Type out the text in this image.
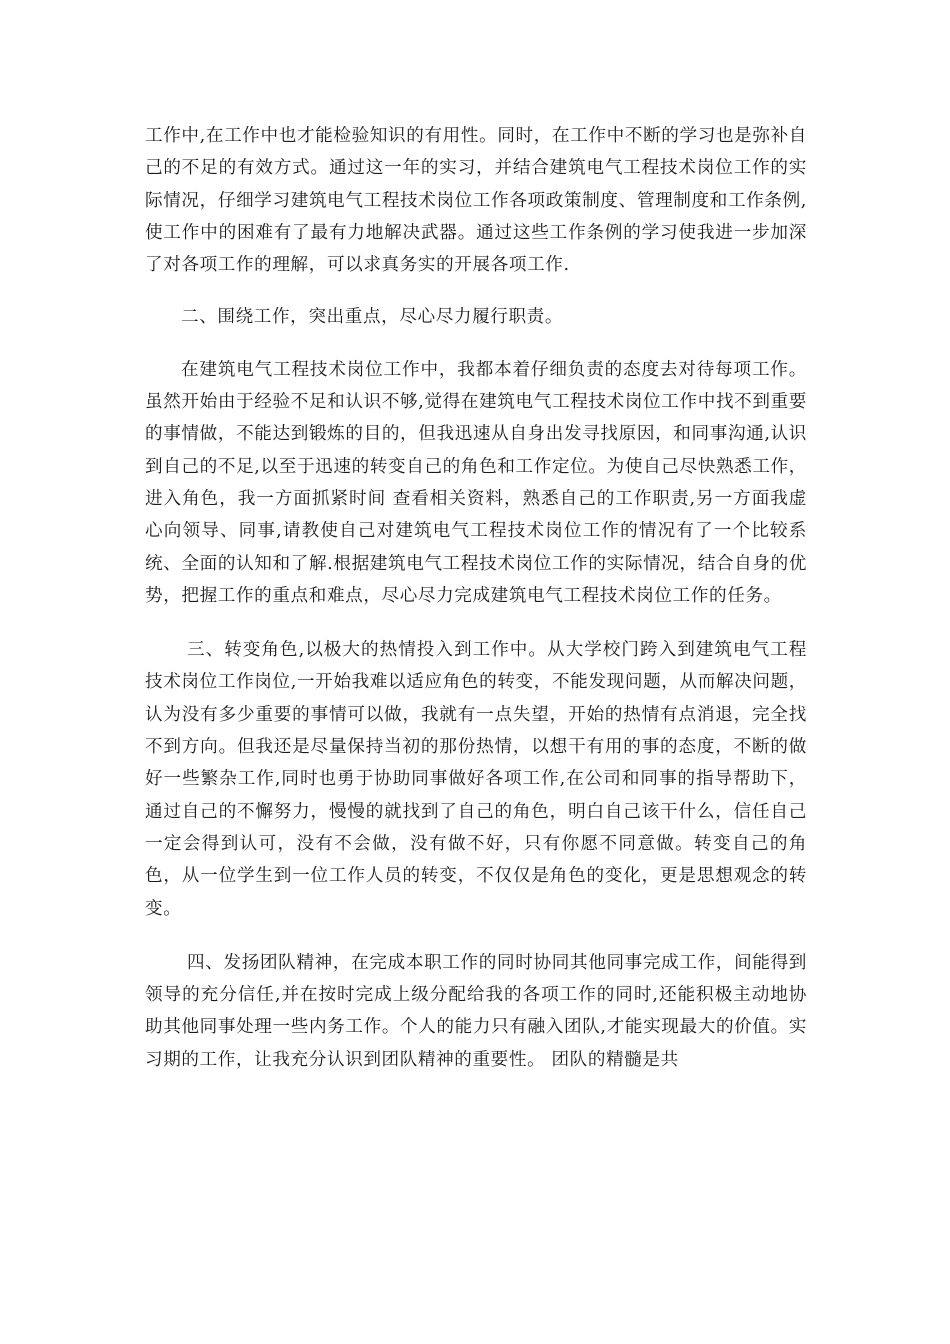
工作中,在工作中也才能检验知识的有用性。同时，在工作中不断的学习也是弥补自己的不足的有效方式。通过这一年的实习，并结合建筑电气工程技术岗位工作的实际情况，仔细学习建筑电气工程技术岗位工作各项政策制度、管理制度和工作条例,使工作中的困难有了最有力地解决武器。通过这些工作条例的学习使我进一步加深了对各项工作的理解，可以求真务实的开展各项工作.

二、围绕工作，突出重点，尽心尽力履行职责。

在建筑电气工程技术岗位工作中，我都本着仔细负责的态度去对待每项工作。虽然开始由于经验不足和认识不够,觉得在建筑电气工程技术岗位工作中找不到重要的事情做，不能达到锻炼的目的，但我迅速从自身出发寻找原因，和同事沟通,认识到自己的不足,以至于迅速的转变自己的角色和工作定位。为使自己尽快熟悉工作，进入角色，我一方面抓紧时间 查看相关资料，熟悉自己的工作职责,另一方面我虚心向领导、同事,请教使自己对建筑电气工程技术岗位工作的情况有了一个比较系统、全面的认知和了解.根据建筑电气工程技术岗位工作的实际情况，结合自身的优势，把握工作的重点和难点，尽心尽力完成建筑电气工程技术岗位工作的任务。

三、转变角色,以极大的热情投入到工作中。从大学校门跨入到建筑电气工程技术岗位工作岗位,一开始我难以适应角色的转变，不能发现问题，从而解决问题，认为没有多少重要的事情可以做，我就有一点失望，开始的热情有点消退，完全找不到方向。但我还是尽量保持当初的那份热情，以想干有用的事的态度，不断的做好一些繁杂工作,同时也勇于协助同事做好各项工作,在公司和同事的指导帮助下，通过自己的不懈努力，慢慢的就找到了自己的角色，明白自己该干什么，信任自己一定会得到认可，没有不会做，没有做不好，只有你愿不同意做。转变自己的角色，从一位学生到一位工作人员的转变，不仅仅是角色的变化，更是思想观念的转变。

四、发扬团队精神，在完成本职工作的同时协同其他同事完成工作，间能得到领导的充分信任,并在按时完成上级分配给我的各项工作的同时,还能积极主动地协助其他同事处理一些内务工作。个人的能力只有融入团队,才能实现最大的价值。实习期的工作，让我充分认识到团队精神的重要性。 团队的精髓是共
